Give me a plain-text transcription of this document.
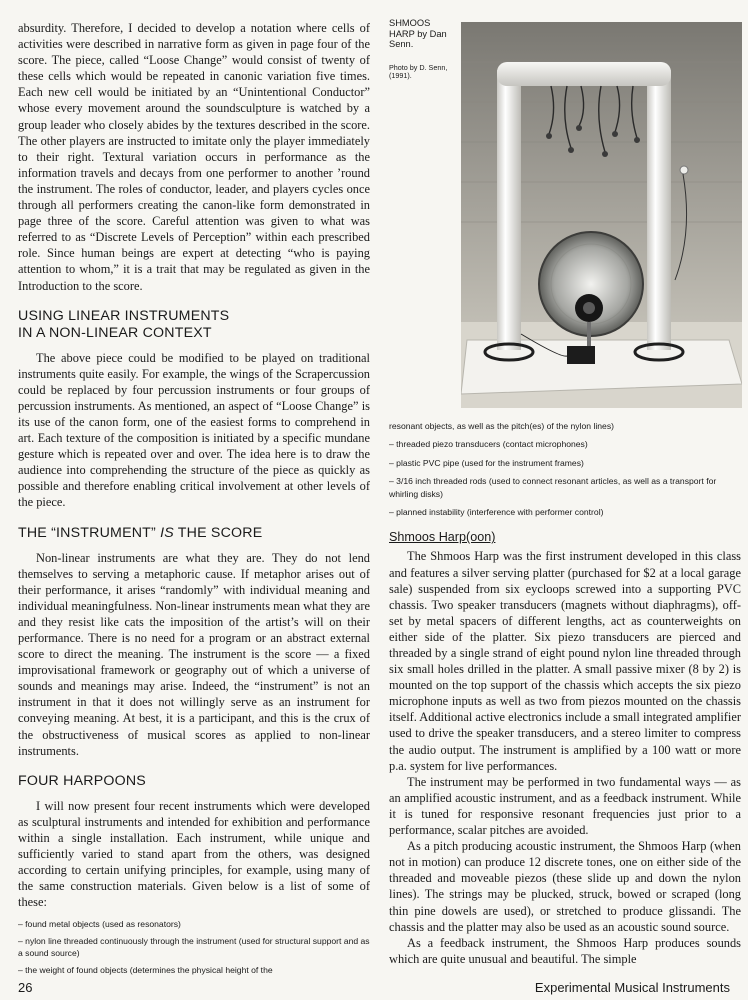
absurdity. Therefore, I decided to develop a notation where cells of activities were described in narrative form as given in page four of the score. The piece, called “Loose Change” would consist of twenty of these cells which would be repeated in canonic variation five times. Each new cell would be initiated by an “Unintentional Conductor” whose every movement around the soundsculpture is watched by a group leader who closely abides by the textures described in the score. The other players are instructed to imitate only the player immediately to their right. Textural variation occurs in performance as the information travels and decays from one performer to another ’round the instrument. The roles of conductor, leader, and players cycles once through all performers creating the canon-like form demonstrated in page three of the score. Careful attention was given to what was referred to as “Discrete Levels of Perception” within each prescribed role. Since human beings are expert at detecting “who is paying attention to whom,” it is a trait that may be regulated as given in the Introduction to the score.

USING LINEAR INSTRUMENTS
IN A NON-LINEAR CONTEXT

The above piece could be modified to be played on traditional instruments quite easily. For example, the wings of the Scrapercussion could be replaced by four percussion instruments or four groups of percussion instruments. As mentioned, an aspect of “Loose Change” is its use of the canon form, one of the easiest forms to comprehend in art. Each texture of the composition is initiated by a specific mundane gesture which is repeated over and over. The idea here is to draw the audience into comprehending the structure of the piece as quickly as possible and therefore enabling critical involvement at other levels of the piece.

THE “INSTRUMENT” IS THE SCORE

Non-linear instruments are what they are. They do not lend themselves to serving a metaphoric cause. If metaphor arises out of their performance, it arises “randomly” with individual meaning and individual meaningfulness. Non-linear instruments mean what they are and they resist like cats the imposition of the artist’s will on their performance. There is no need for a program or an abstract external score to direct the meaning. The instrument is the score — a fixed improvisational framework or geography out of which a universe of sounds and meanings may arise. Indeed, the “instrument” is not an instrument in that it does not willingly serve as an instrument for conveying meaning. At best, it is a participant, and this is the crux of the obstructiveness of musical scores as applied to non-linear instruments.

FOUR HARPOONS

I will now present four recent instruments which were developed as sculptural instruments and intended for exhibition and performance within a single installation. Each instrument, while unique and sufficiently varied to stand apart from the others, was designed according to certain unifying principles, for example, using many of the same construction materials. Given below is a list of some of these:

– found metal objects (used as resonators)
– nylon line threaded continuously through the instrument (used for structural support and as a sound source)
– the weight of found objects (determines the physical height of the

SHMOOS HARP by Dan Senn.

Photo by D. Senn, (1991).

resonant objects, as well as the pitch(es) of the nylon lines)
– threaded piezo transducers (contact microphones)
– plastic PVC pipe (used for the instrument frames)
– 3/16 inch threaded rods (used to connect resonant articles, as well as a transport for whirling disks)
– planned instability (interference with performer control)
Shmoos Harp(oon)

The Shmoos Harp was the first instrument developed in this class and features a silver serving platter (purchased for $2 at a local garage sale) suspended from six eycloops screwed into a supporting PVC chassis. Two speaker transducers (magnets without diaphragms), off-set by metal spacers of different lengths, act as counterweights on either side of the platter. Six piezo transducers are pierced and threaded by a single strand of eight pound nylon line threaded through six small holes drilled in the platter. A small passive mixer (8 by 2) is mounted on the top support of the chassis which accepts the six piezo microphone inputs as well as two from piezos mounted on the chassis itself. Additional active electronics include a small integrated amplifier used to drive the speaker transducers, and a stereo limiter to compress the audio output. The instrument is amplified by a 100 watt or more p.a. system for live performances.

The instrument may be performed in two fundamental ways — as an amplified acoustic instrument, and as a feedback instrument. While it is tuned for responsive resonant frequencies just prior to a performance, scalar pitches are avoided.

As a pitch producing acoustic instrument, the Shmoos Harp (when not in motion) can produce 12 discrete tones, one on either side of the threaded and moveable piezos (these slide up and down the nylon lines). The strings may be plucked, struck, bowed or scraped (long thin pine dowels are used), or stretched to produce glissandi. The chassis and the platter may also be used as an acoustic sound source.

As a feedback instrument, the Shmoos Harp produces sounds which are quite unusual and beautiful. The simple

26	Experimental Musical Instruments
